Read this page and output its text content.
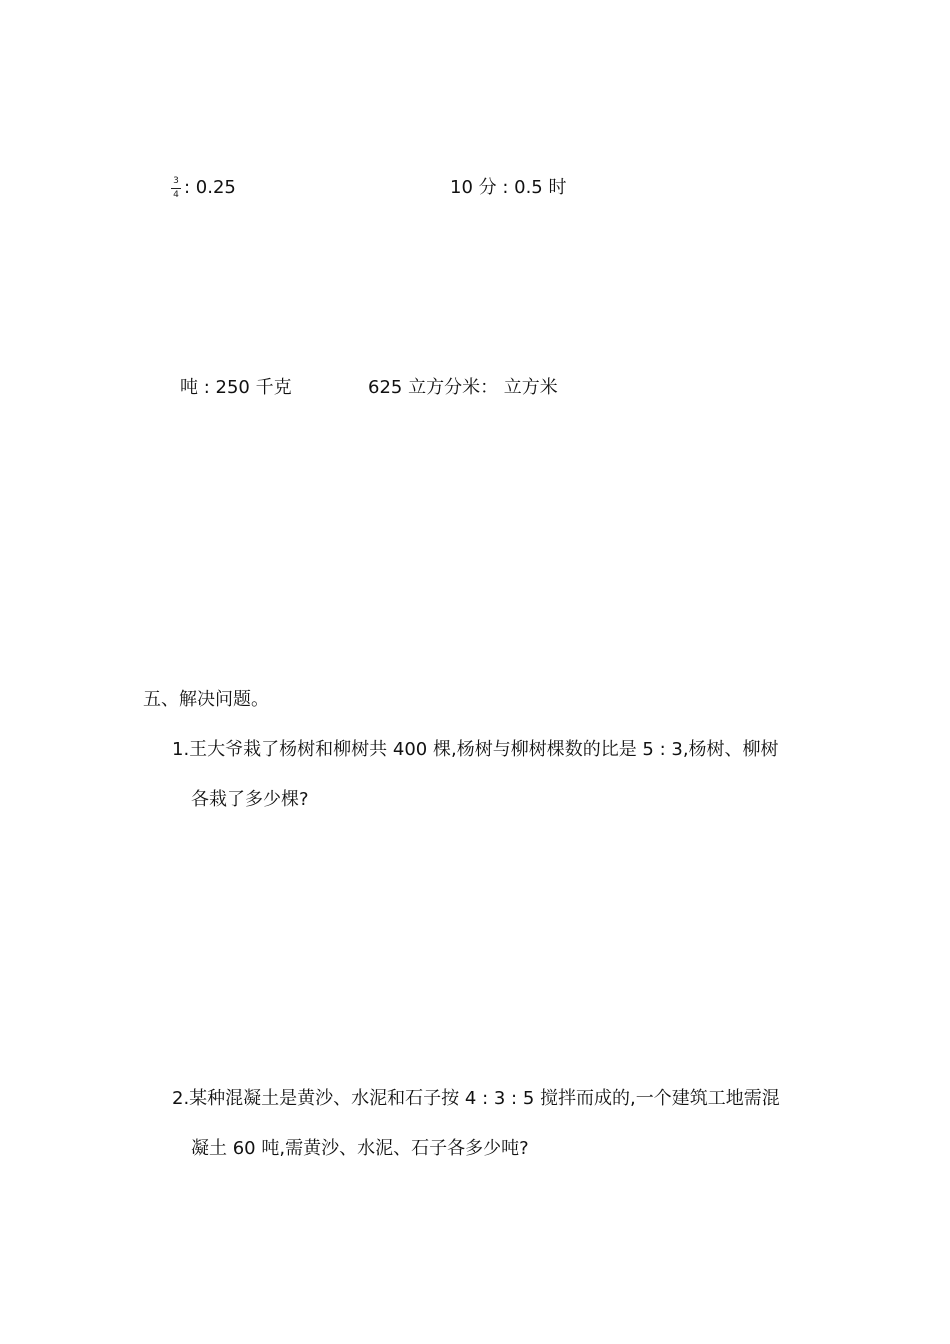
3
4 : 0.25	10 分 : 0.5 时
吨 : 250 千克	625 立方分米： 立方米
五、解决问题。
1.王大爷栽了杨树和柳树共 400 棵,杨树与柳树棵数的比是 5 : 3,杨树、柳树
各栽了多少棵?
2.某种混凝土是黄沙、水泥和石子按 4 : 3 : 5 搅拌而成的,一个建筑工地需混
凝土 60 吨,需黄沙、水泥、石子各多少吨?
